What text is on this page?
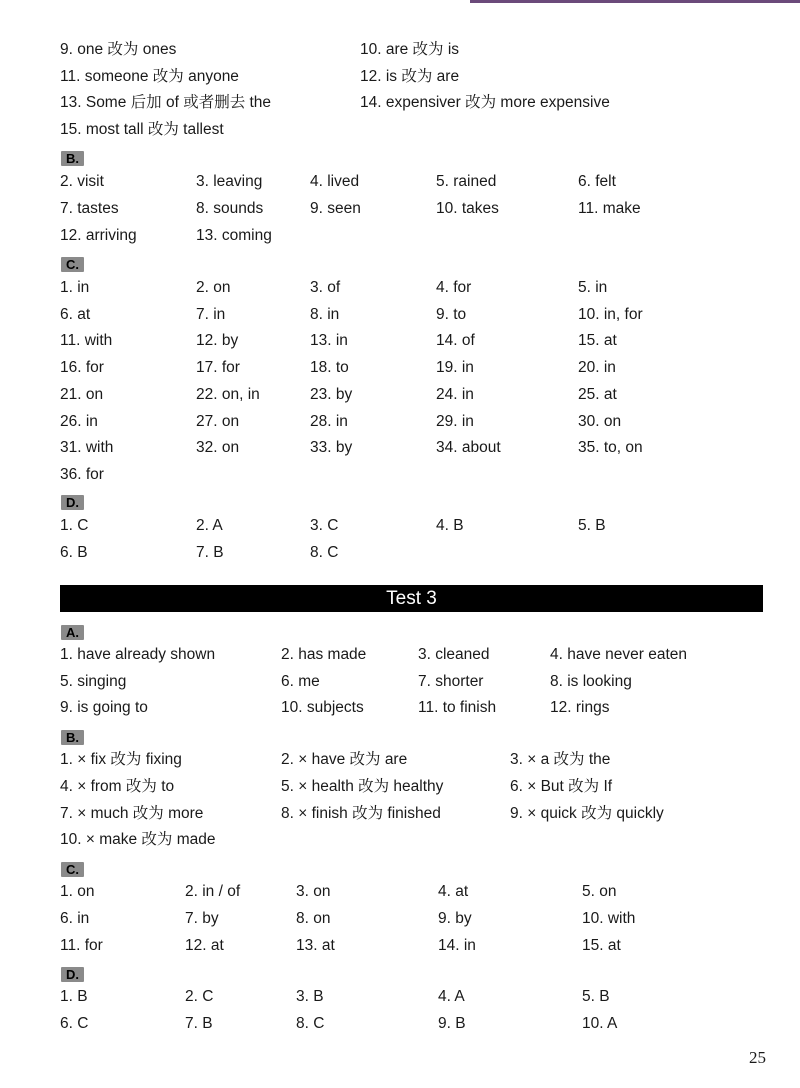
9. one 改为 ones	10. are 改为 is
11. someone 改为 anyone	12. is 改为 are
13. Some 后加 of 或者删去 the	14. expensiver 改为 more expensive
15. most tall 改为 tallest
B.
2. visit	3. leaving	4. lived	5. rained	6. felt
7. tastes	8. sounds	9. seen	10. takes	11. make
12. arriving	13. coming
C.
1. in	2. on	3. of	4. for	5. in
6. at	7. in	8. in	9. to	10. in, for
11. with	12. by	13. in	14. of	15. at
16. for	17. for	18. to	19. in	20. in
21. on	22. on, in	23. by	24. in	25. at
26. in	27. on	28. in	29. in	30. on
31. with	32. on	33. by	34. about	35. to, on
36. for
D.
1. C	2. A	3. C	4. B	5. B
6. B	7. B	8. C
A.
1. have already shown	2. has made	3. cleaned	4. have never eaten
5. singing	6. me	7. shorter	8. is looking
9. is going to	10. subjects	11. to finish	12. rings
B.
1. × fix 改为 fixing	2. × have 改为 are	3. × a 改为 the
4. × from 改为 to	5. × health 改为 healthy	6. × But 改为 If
7. × much 改为 more	8. × finish 改为 finished	9. × quick 改为 quickly
10. × make 改为 made
C.
1. on	2. in / of	3. on	4. at	5. on
6. in	7. by	8. on	9. by	10. with
11. for	12. at	13. at	14. in	15. at
D.
1. B	2. C	3. B	4. A	5. B
6. C	7. B	8. C	9. B	10. A
Test 3
25
